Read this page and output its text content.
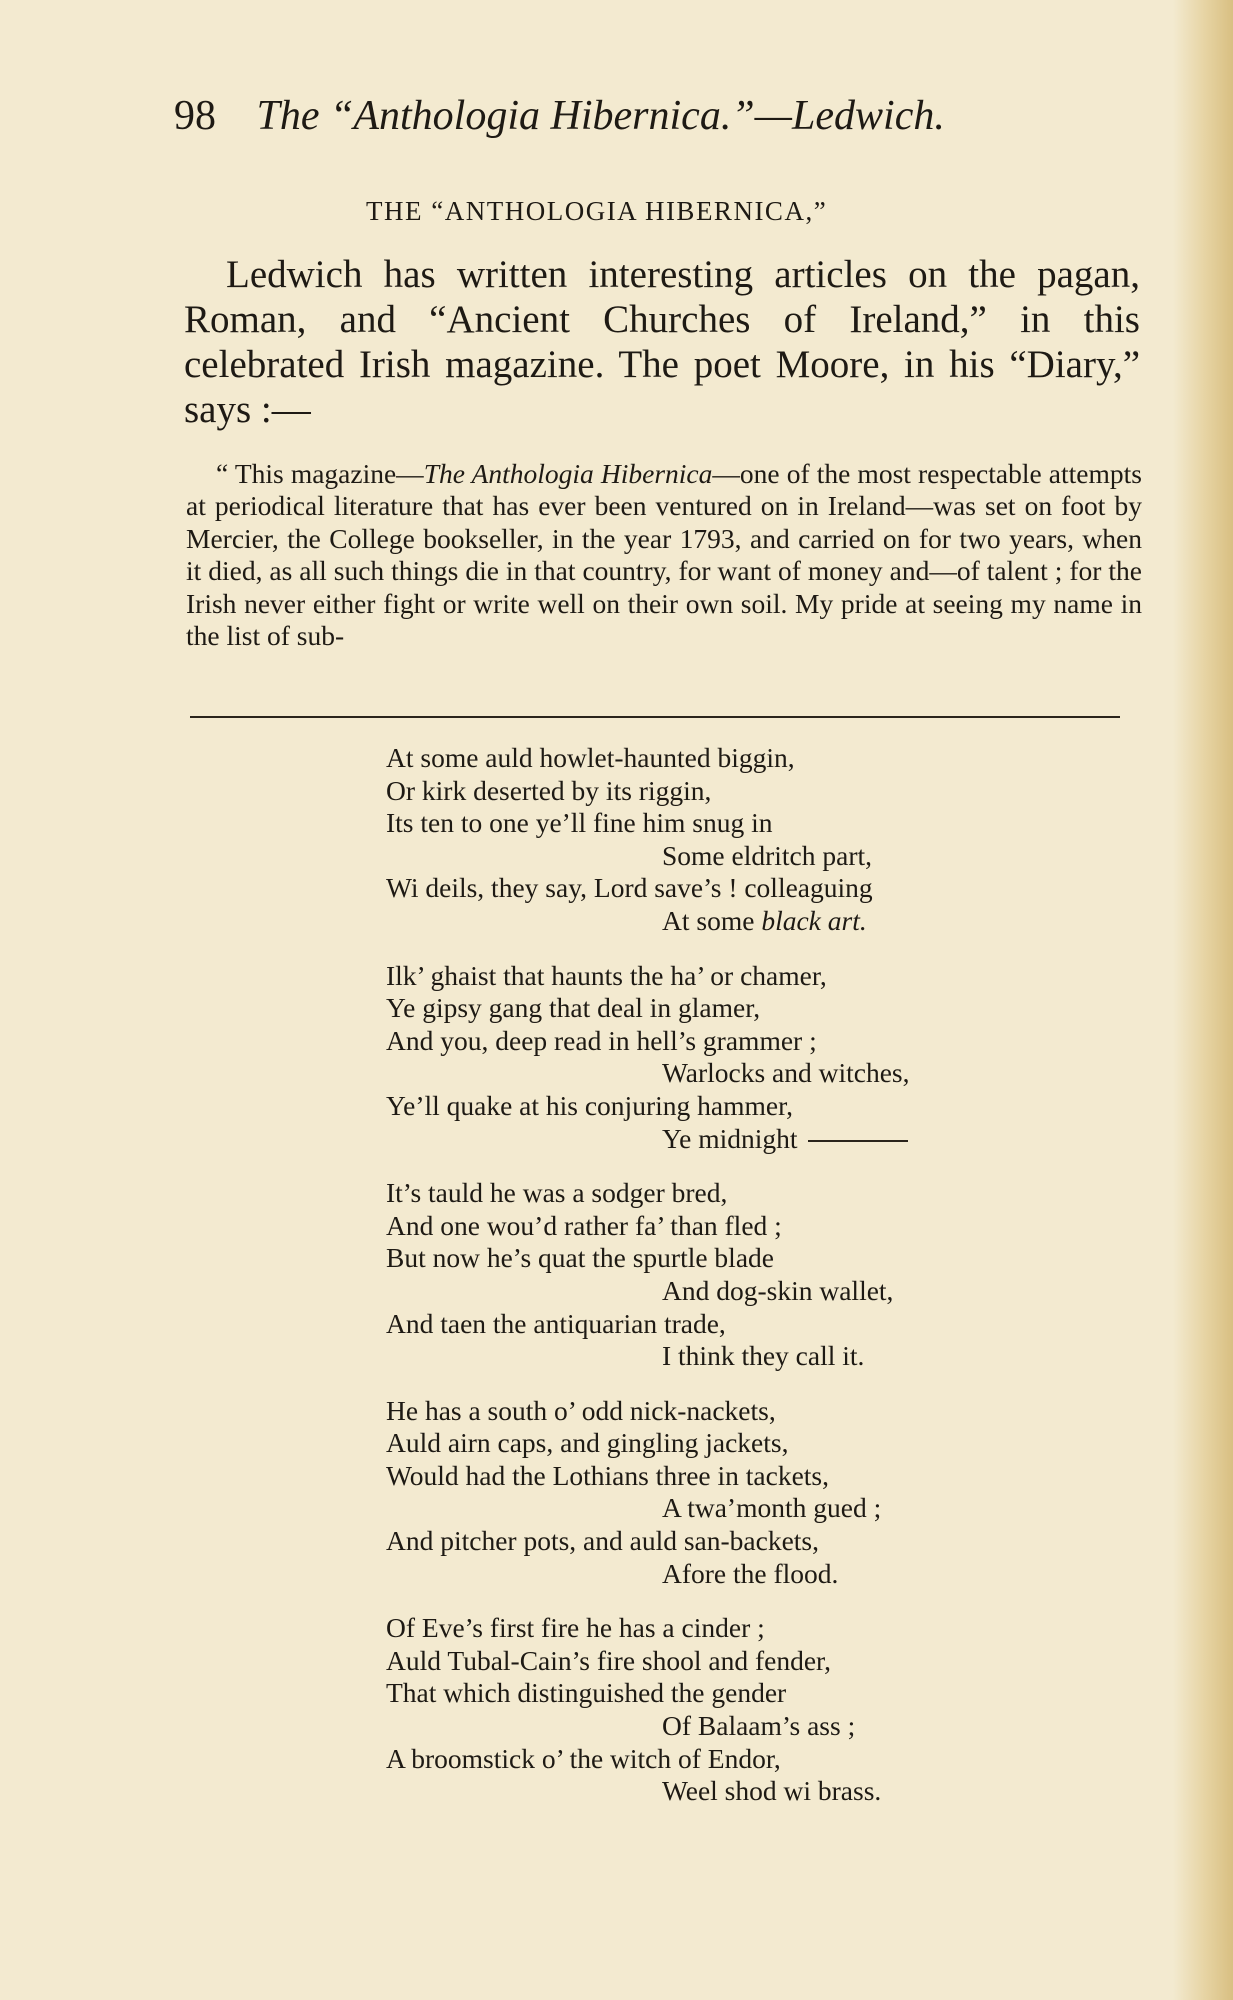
98 The “Anthologia Hibernica.”—Ledwich.
THE “ANTHOLOGIA HIBERNICA,”

Ledwich has written interesting articles on the pagan, Roman, and “Ancient Churches of Ireland,” in this celebrated Irish magazine. The poet Moore, in his “Diary,” says :—

“ This magazine—The Anthologia Hibernica—one of the most respectable attempts at periodical literature that has ever been ventured on in Ireland—was set on foot by Mercier, the College bookseller, in the year 1793, and carried on for two years, when it died, as all such things die in that country, for want of money and—of talent ; for the Irish never either fight or write well on their own soil. My pride at seeing my name in the list of sub-

At some auld howlet-haunted biggin,
Or kirk deserted by its riggin,
Its ten to one ye’ll fine him snug in
Some eldritch part,
Wi deils, they say, Lord save’s ! colleaguing
At some black art.
Ilk’ ghaist that haunts the ha’ or chamer,
Ye gipsy gang that deal in glamer,
And you, deep read in hell’s grammer ;
Warlocks and witches,
Ye’ll quake at his conjuring hammer,
Ye midnight
It’s tauld he was a sodger bred,
And one wou’d rather fa’ than fled ;
But now he’s quat the spurtle blade
And dog-skin wallet,
And taen the antiquarian trade,
I think they call it.
He has a south o’ odd nick-nackets,
Auld airn caps, and gingling jackets,
Would had the Lothians three in tackets,
A twa’month gued ;
And pitcher pots, and auld san-backets,
Afore the flood.
Of Eve’s first fire he has a cinder ;
Auld Tubal-Cain’s fire shool and fender,
That which distinguished the gender
Of Balaam’s ass ;
A broomstick o’ the witch of Endor,
Weel shod wi brass.
